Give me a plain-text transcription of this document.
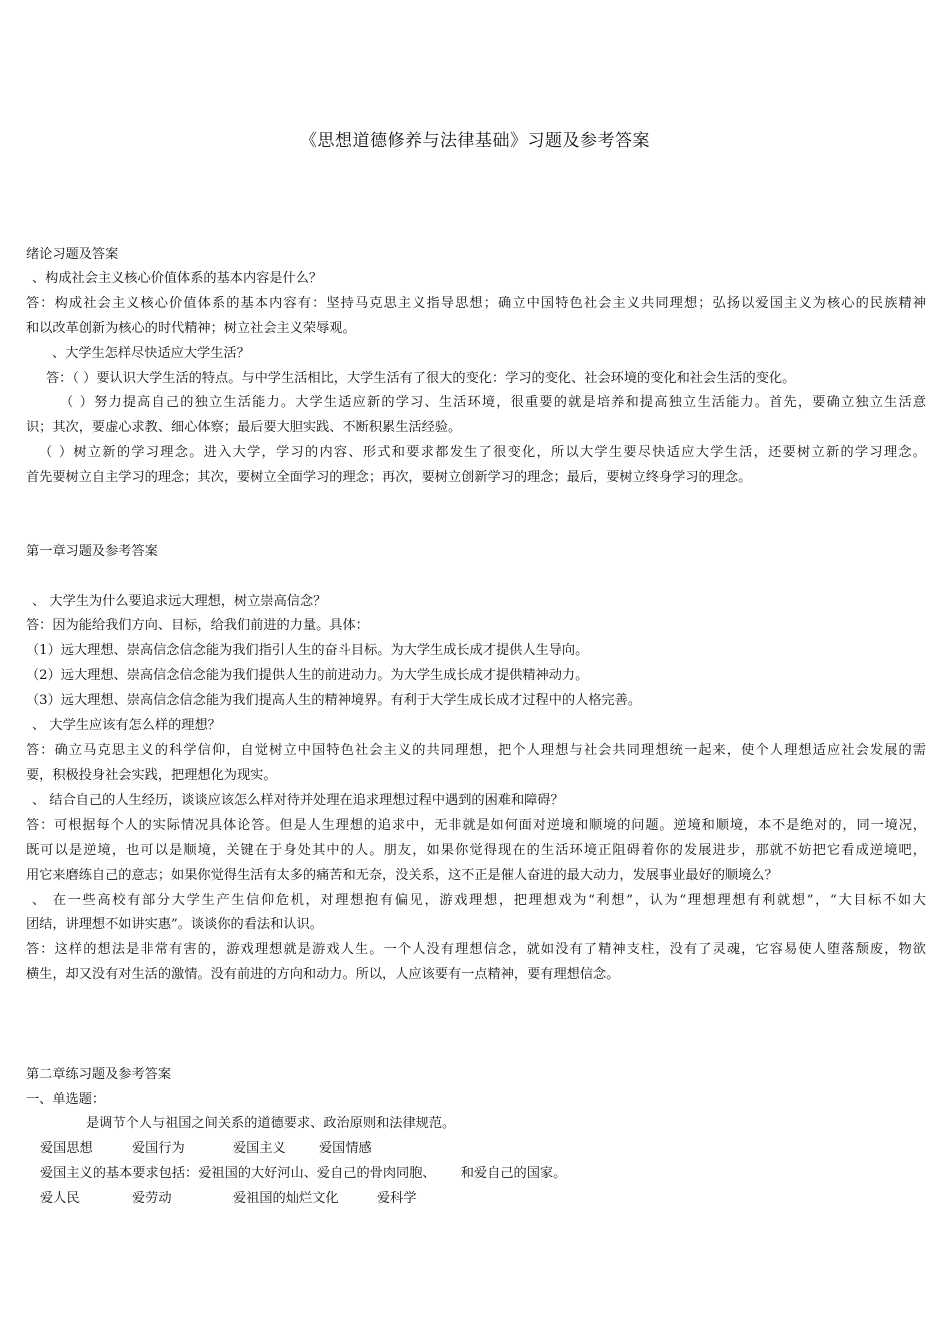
《思想道德修养与法律基础》习题及参考答案
绪论习题及答案
、构成社会主义核心价值体系的基本内容是什么？
答：构成社会主义核心价值体系的基本内容有：坚持马克思主义指导思想；确立中国特色社会主义共同理想；弘扬以爱国主义为核心的民族精神
和以改革创新为核心的时代精神；树立社会主义荣辱观。
、大学生怎样尽快适应大学生活？
答：（ ）要认识大学生活的特点。与中学生活相比，大学生活有了很大的变化：学习的变化、社会环境的变化和社会生活的变化。
（ ）努力提高自己的独立生活能力。大学生适应新的学习、生活环境，很重要的就是培养和提高独立生活能力。首先，要确立独立生活意
识；其次，要虚心求教、细心体察；最后要大胆实践、不断积累生活经验。
（ ）树立新的学习理念。进入大学，学习的内容、形式和要求都发生了很变化，所以大学生要尽快适应大学生活，还要树立新的学习理念。
首先要树立自主学习的理念；其次，要树立全面学习的理念；再次，要树立创新学习的理念；最后，要树立终身学习的理念。
第一章习题及参考答案
、 大学生为什么要追求远大理想，树立崇高信念？
答：因为能给我们方向、目标，给我们前进的力量。具体：
（1）远大理想、崇高信念信念能为我们指引人生的奋斗目标。为大学生成长成才提供人生导向。
（2）远大理想、崇高信念信念能为我们提供人生的前进动力。为大学生成长成才提供精神动力。
（3）远大理想、崇高信念信念能为我们提高人生的精神境界。有利于大学生成长成才过程中的人格完善。
、 大学生应该有怎么样的理想？
答：确立马克思主义的科学信仰，自觉树立中国特色社会主义的共同理想，把个人理想与社会共同理想统一起来，使个人理想适应社会发展的需
要，积极投身社会实践，把理想化为现实。
、 结合自己的人生经历，谈谈应该怎么样对待并处理在追求理想过程中遇到的困难和障碍？
答：可根据每个人的实际情况具体论答。但是人生理想的追求中，无非就是如何面对逆境和顺境的问题。逆境和顺境，本不是绝对的，同一境况，
既可以是逆境，也可以是顺境，关键在于身处其中的人。朋友，如果你觉得现在的生活环境正阻碍着你的发展进步，那就不妨把它看成逆境吧，
用它来磨练自己的意志；如果你觉得生活有太多的痛苦和无奈，没关系，这不正是催人奋进的最大动力，发展事业最好的顺境么？
、 在一些高校有部分大学生产生信仰危机，对理想抱有偏见，游戏理想，把理想戏为“利想”，认为“理想理想有利就想”，“大目标不如大
团结，讲理想不如讲实惠”。谈谈你的看法和认识。
答：这样的想法是非常有害的，游戏理想就是游戏人生。一个人没有理想信念，就如没有了精神支柱，没有了灵魂，它容易使人堕落颓废，物欲
横生，却又没有对生活的激情。没有前进的方向和动力。所以，人应该要有一点精神，要有理想信念。
第二章练习题及参考答案
一、单选题：
是调节个人与祖国之间关系的道德要求、政治原则和法律规范。
爱国思想	爱国行为	爱国主义	爱国情感
爱国主义的基本要求包括：爱祖国的大好河山、爱自己的骨肉同胞、      和爱自己的国家。
爱人民	爱劳动	爱祖国的灿烂文化	爱科学
